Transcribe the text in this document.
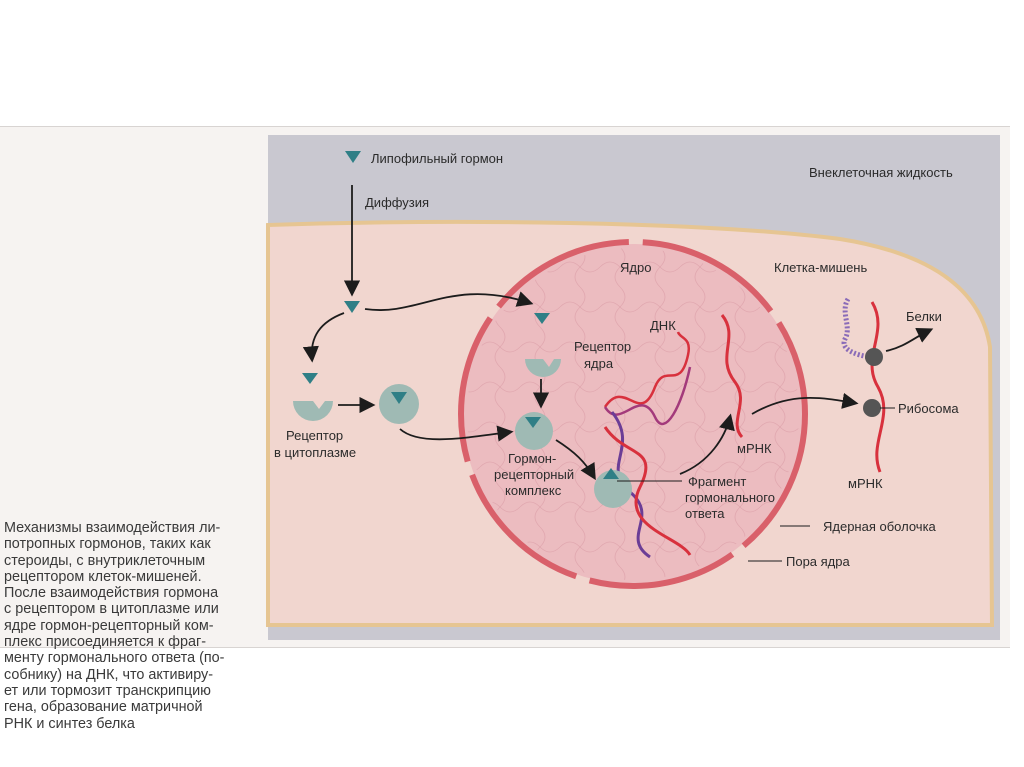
Механизмы взаимодействия ли-
потропных гормонов, таких как
стероиды, с внутриклеточным
рецептором клеток-мишеней.
После взаимодействия гормона
с рецептором в цитоплазме или
ядре гормон-рецепторный ком-
плекс присоединяется к фраг-
менту гормонального ответа (по-
собнику) на ДНК, что активиру-
ет или тормозит транскрипцию
гена, образование матричной
РНК и синтез белка

Липофильный гормон
Диффузия
Внеклеточная жидкость
Ядро	Клетка-мишень
ДНК
Рецептор
ядра
Рецептор
в цитоплазме	Гормон-
рецепторный
комплекс
Фрагмент
гормонального
ответа
мРНК
Белки
Рибосома
мРНК
Ядерная оболочка
Пора ядра
